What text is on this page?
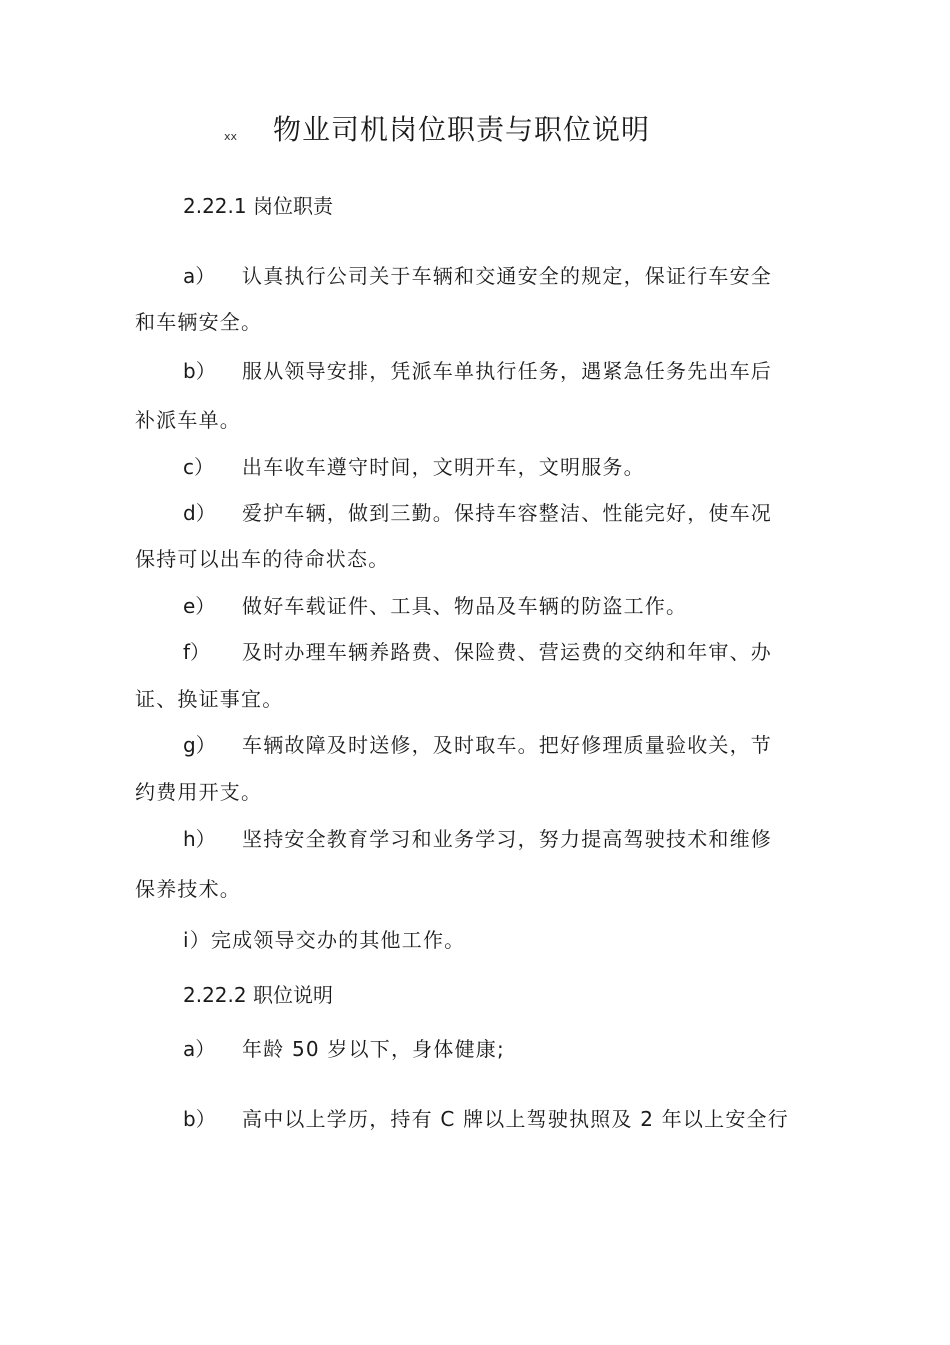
xx 物业司机岗位职责与职位说明
2.22.1 岗位职责
a） 认真执行公司关于车辆和交通安全的规定，保证行车安全
和车辆安全。
b） 服从领导安排，凭派车单执行任务，遇紧急任务先出车后
补派车单。
c） 出车收车遵守时间，文明开车，文明服务。
d） 爱护车辆，做到三勤。保持车容整洁、性能完好，使车况
保持可以出车的待命状态。
e） 做好车载证件、工具、物品及车辆的防盗工作。
f） 及时办理车辆养路费、保险费、营运费的交纳和年审、办
证、换证事宜。
g） 车辆故障及时送修，及时取车。把好修理质量验收关，节
约费用开支。
h） 坚持安全教育学习和业务学习，努力提高驾驶技术和维修
保养技术。
i）完成领导交办的其他工作。
2.22.2 职位说明
a） 年龄 50 岁以下，身体健康;
b） 高中以上学历，持有 C 牌以上驾驶执照及 2 年以上安全行
